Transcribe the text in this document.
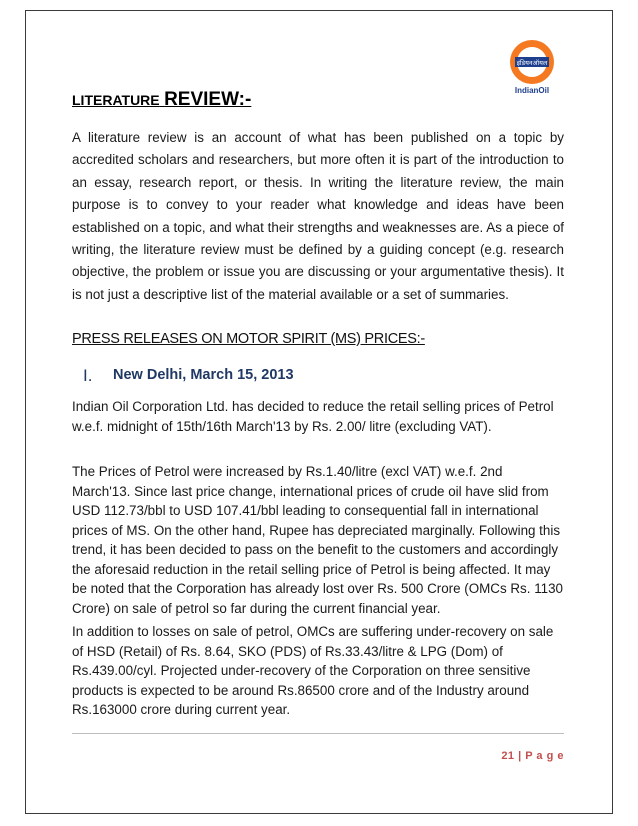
इंडियनऑयल
IndianOil
LITERATURE REVIEW:-
A literature review is an account of what has been published on a topic by accredited scholars and researchers, but more often it is part of the introduction to an essay, research report, or thesis. In writing the literature review, the main purpose is to convey to your reader what knowledge and ideas have been established on a topic, and what their strengths and weaknesses are. As a piece of writing, the literature review must be defined by a guiding concept (e.g. research objective, the problem or issue you are discussing or your argumentative thesis). It is not just a descriptive list of the material available or a set of summaries.
PRESS RELEASES ON MOTOR SPIRIT (MS) PRICES:-
I. New Delhi, March 15, 2013
Indian Oil Corporation Ltd. has decided to reduce the retail selling prices of Petrol w.e.f. midnight of 15th/16th March'13 by Rs. 2.00/ litre (excluding VAT).
The Prices of Petrol were increased by Rs.1.40/litre (excl VAT) w.e.f. 2nd March'13. Since last price change, international prices of crude oil have slid from USD 112.73/bbl to USD 107.41/bbl leading to consequential fall in international prices of MS. On the other hand, Rupee has depreciated marginally. Following this trend, it has been decided to pass on the benefit to the customers and accordingly the aforesaid reduction in the retail selling price of Petrol is being affected. It may be noted that the Corporation has already lost over Rs. 500 Crore (OMCs Rs. 1130 Crore) on sale of petrol so far during the current financial year.
In addition to losses on sale of petrol, OMCs are suffering under-recovery on sale of HSD (Retail) of Rs. 8.64, SKO (PDS) of Rs.33.43/litre & LPG (Dom) of Rs.439.00/cyl. Projected under-recovery of the Corporation on three sensitive products is expected to be around Rs.86500 crore and of the Industry around Rs.163000 crore during current year.
21 | P a g e
